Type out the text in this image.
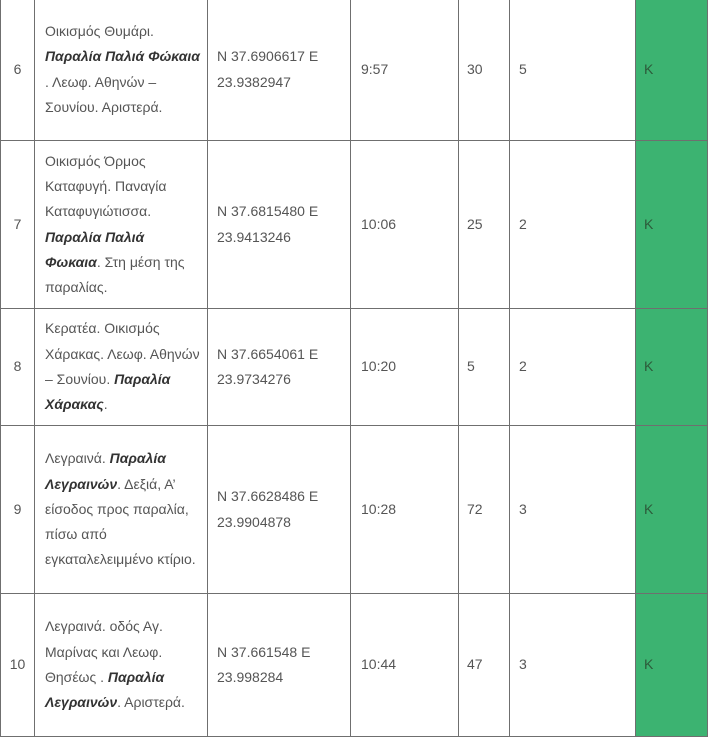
6	Οικισμός Θυμάρι. Παραλία Παλιά Φώκαια . Λεωφ. Αθηνών – Σουνίου. Αριστερά.	N 37.6906617 E
23.9382947	9:57	30	5	Κ
7	Οικισμός Όρμος Καταφυγή. Παναγία Καταφυγιώτισσα. Παραλία Παλιά Φωκαια. Στη μέση της παραλίας.	N 37.6815480 E
23.9413246	10:06	25	2	Κ
8	Κερατέα. Οικισμός Χάρακας. Λεωφ. Αθηνών – Σουνίου. Παραλία Χάρακας.	N 37.6654061 E
23.9734276	10:20	5	2	Κ
9	Λεγραινά. Παραλία Λεγραινών. Δεξιά, Α’ είσοδος προς παραλία, πίσω από εγκαταλελειμμένο κτίριο.	N 37.6628486 E
23.9904878	10:28	72	3	Κ
10	Λεγραινά. οδός Αγ. Μαρίνας και Λεωφ. Θησέως . Παραλία Λεγραινών. Αριστερά.	N 37.661548 E
23.998284	10:44	47	3	Κ
